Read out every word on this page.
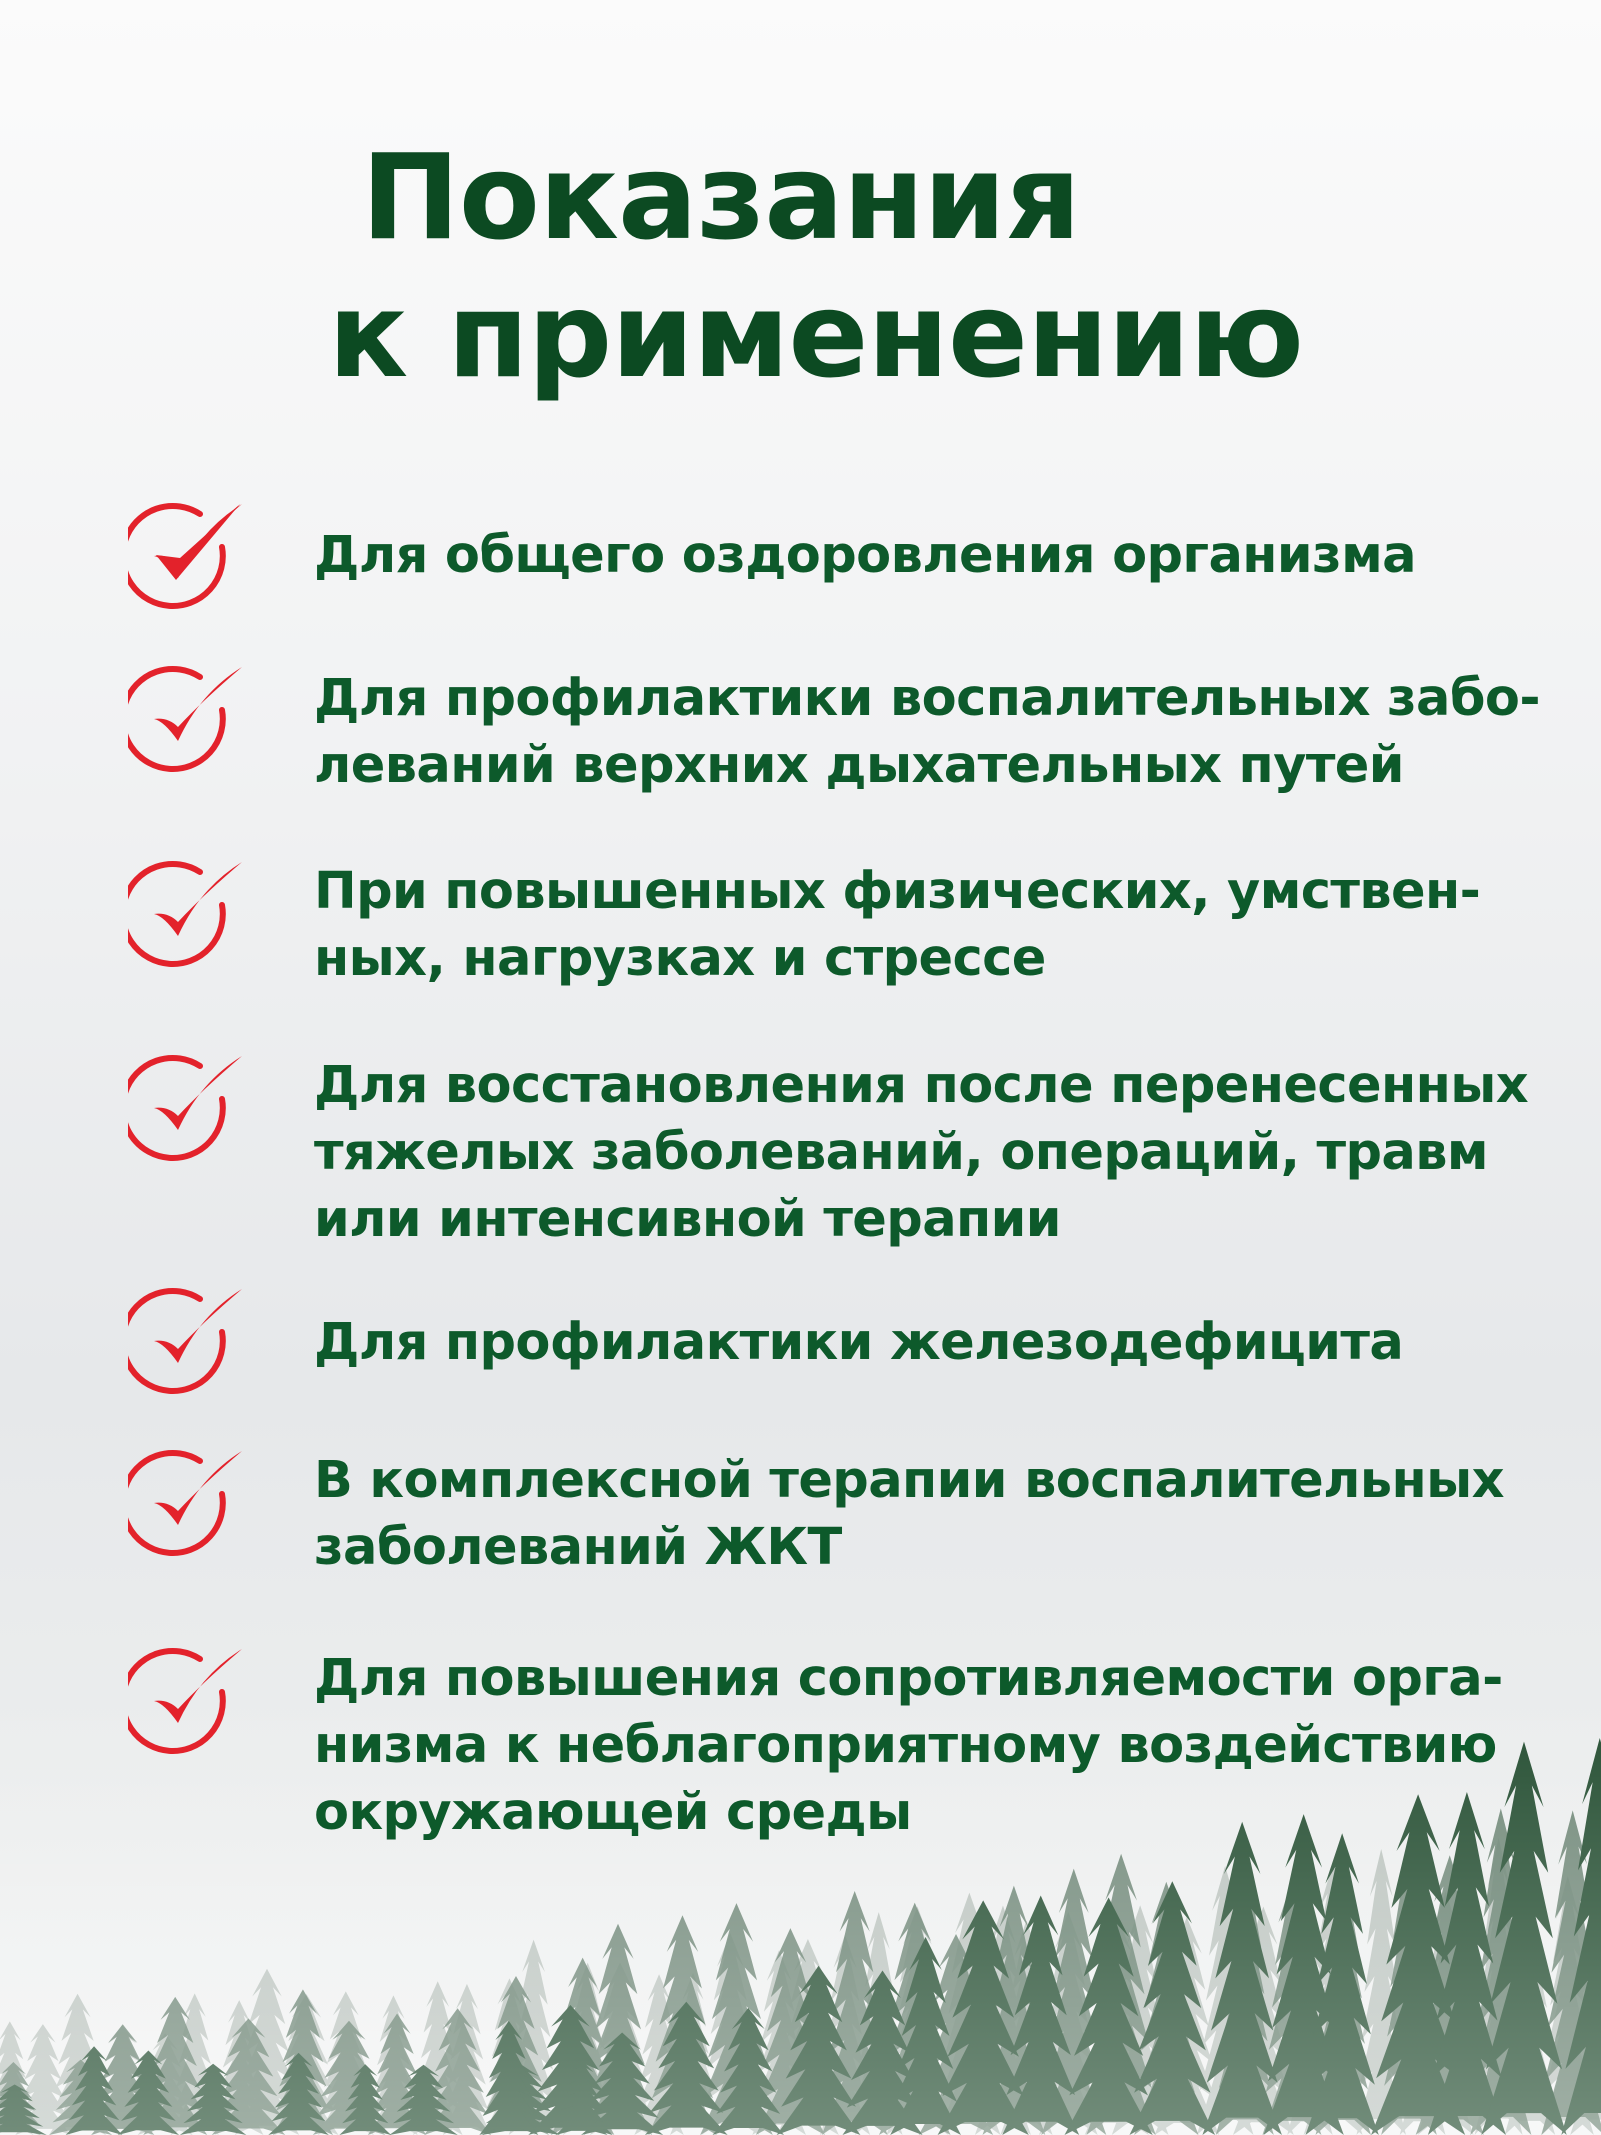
Показания
к применению
Для общего оздоровления организма
Для профилактики воспалительных забо-
леваний верхних дыхательных путей
При повышенных физических, умствен-
ных, нагрузках и стрессе
Для восстановления после перенесенных
тяжелых заболеваний, операций, травм
или интенсивной терапии
Для профилактики железодефицита
В комплексной терапии воспалительных
заболеваний ЖКТ
Для повышения сопротивляемости орга-
низма к неблагоприятному воздействию
окружающей среды
